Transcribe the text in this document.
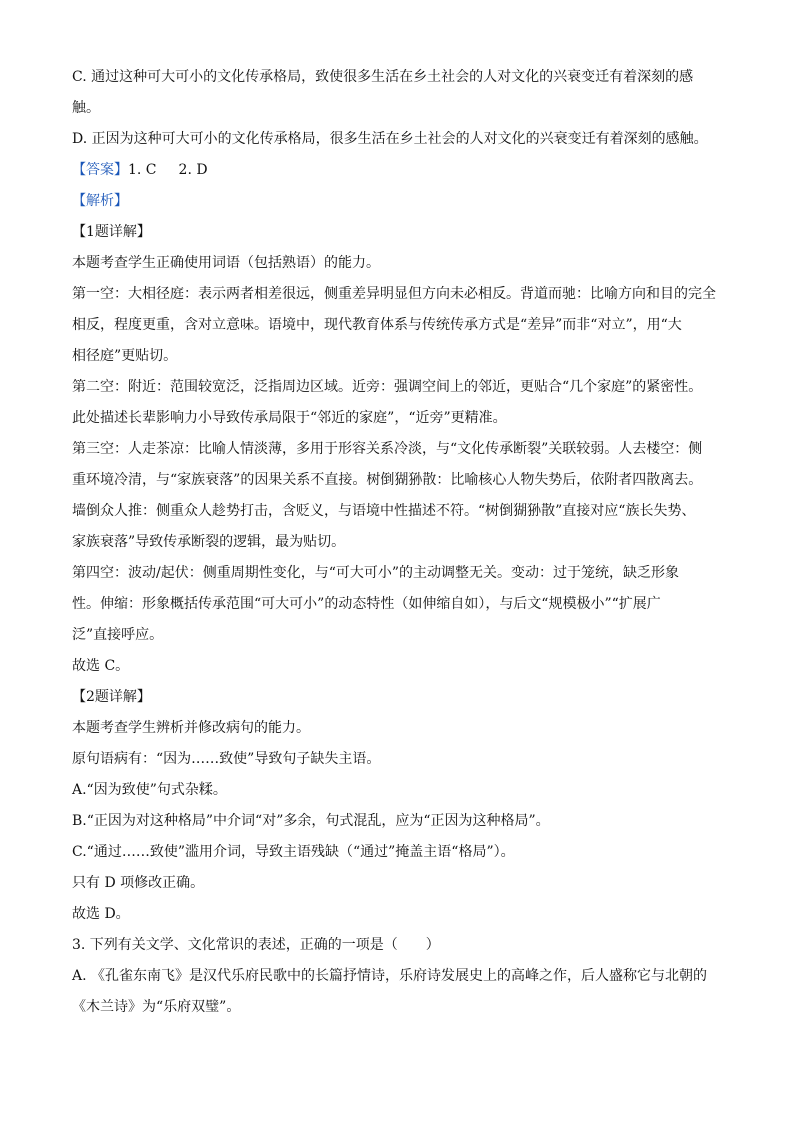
C. 通过这种可大可小的文化传承格局，致使很多生活在乡土社会的人对文化的兴衰变迁有着深刻的感
触。
D. 正因为这种可大可小的文化传承格局，很多生活在乡土社会的人对文化的兴衰变迁有着深刻的感触。
【答案】1. C 2. D
【解析】
【1题详解】
本题考查学生正确使用词语（包括熟语）的能力。
第一空：大相径庭：表示两者相差很远，侧重差异明显但方向未必相反。背道而驰：比喻方向和目的完全
相反，程度更重，含对立意味。语境中，现代教育体系与传统传承方式是“差异”而非“对立”，用“大
相径庭”更贴切。
第二空：附近：范围较宽泛，泛指周边区域。近旁：强调空间上的邻近，更贴合“几个家庭”的紧密性。
此处描述长辈影响力小导致传承局限于“邻近的家庭”，“近旁”更精准。
第三空：人走茶凉：比喻人情淡薄，多用于形容关系冷淡，与“文化传承断裂”关联较弱。人去楼空：侧
重环境冷清，与“家族衰落”的因果关系不直接。树倒猢狲散：比喻核心人物失势后，依附者四散离去。
墙倒众人推：侧重众人趁势打击，含贬义，与语境中性描述不符。“树倒猢狲散”直接对应“族长失势、
家族衰落”导致传承断裂的逻辑，最为贴切。
第四空：波动/起伏：侧重周期性变化，与“可大可小”的主动调整无关。变动：过于笼统，缺乏形象
性。伸缩：形象概括传承范围“可大可小”的动态特性（如伸缩自如），与后文“规模极小”“扩展广
泛”直接呼应。
故选 C。
【2题详解】
本题考查学生辨析并修改病句的能力。
原句语病有：“因为……致使”导致句子缺失主语。
A.“因为致使”句式杂糅。
B.“正因为对这种格局”中介词“对”多余，句式混乱，应为“正因为这种格局”。
C.“通过……致使”滥用介词，导致主语残缺（“通过”掩盖主语“格局”）。
只有 D 项修改正确。
故选 D。
3. 下列有关文学、文化常识的表述，正确的一项是（　　）
A. 《孔雀东南飞》是汉代乐府民歌中的长篇抒情诗，乐府诗发展史上的高峰之作，后人盛称它与北朝的
《木兰诗》为“乐府双璧”。
